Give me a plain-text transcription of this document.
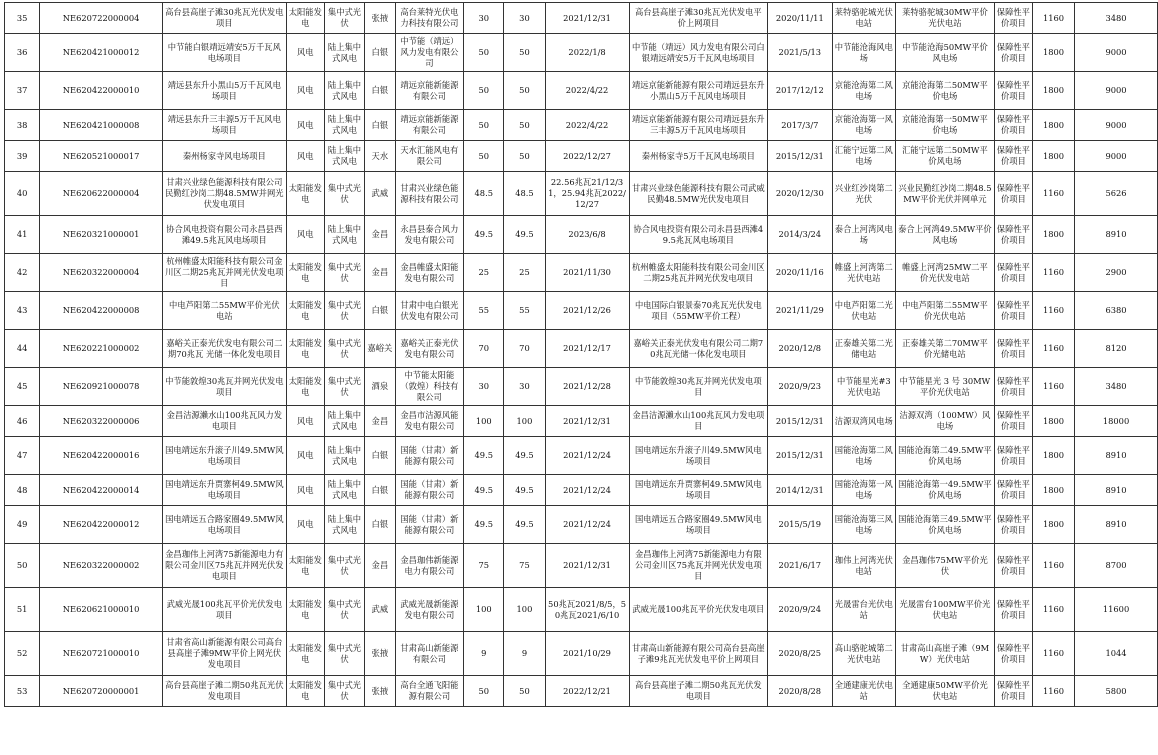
35	NE620722000004	高台县高崖子滩30兆瓦光伏发电项目	太阳能发电	集中式光伏	张掖	高台莱特光伏电力科技有限公司	30	30	2021/12/31	高台县高崖子滩30兆瓦光伏发电平价上网项目	2020/11/11	莱特骆驼城光伏电站	莱特骆驼城30MW平价光伏电站	保障性平价项目	1160	3480
36	NE620421000012	中节能白银靖远靖安5万千瓦风电场项目	风电	陆上集中式风电	白银	中节能（靖远）风力发电有限公司	50	50	2022/1/8	中节能（靖远）风力发电有限公司白银靖远靖安5万千瓦风电场项目	2021/5/13	中节能沧海风电场	中节能沧海50MW平价风电场	保障性平价项目	1800	9000
37	NE620422000010	靖远县东升小黑山5万千瓦风电场项目	风电	陆上集中式风电	白银	靖远京能新能源有限公司	50	50	2022/4/22	靖远京能新能源有限公司靖远县东升小黑山5万千瓦风电场项目	2017/12/12	京能沧海第二风电场	京能沧海第二50MW平价电场	保障性平价项目	1800	9000
38	NE620421000008	靖远县东升三丰源5万千瓦风电场项目	风电	陆上集中式风电	白银	靖远京能新能源有限公司	50	50	2022/4/22	靖远京能新能源有限公司靖远县东升三丰源5万千瓦风电场项目	2017/3/7	京能沧海第一风电场	京能沧海第一50MW平价电场	保障性平价项目	1800	9000
39	NE620521000017	秦州杨家寺风电场项目	风电	陆上集中式风电	天水	天水汇能风电有限公司	50	50	2022/12/27	秦州杨家寺5万千瓦风电场项目	2015/12/31	汇能宁远第二风电场	汇能宁远第二50MW平价风电场	保障性平价项目	1800	9000
40	NE620622000004	甘肃兴业绿色能源科技有限公司民勤红沙岗二期48.5MW并网光伏发电项目	太阳能发电	集中式光伏	武威	甘肃兴业绿色能源科技有限公司	48.5	48.5	22.56兆瓦21/12/31，25.94兆瓦2022/12/27	甘肃兴业绿色能源科技有限公司武威民勤48.5MW光伏发电项目	2020/12/30	兴业红沙岗第二光伏	兴业民勤红沙岗二期48.5MW平价光伏并网单元	保障性平价项目	1160	5626
41	NE620321000001	协合风电投资有限公司永昌县西滩49.5兆瓦风电场项目	风电	陆上集中式风电	金昌	永昌县泰合风力发电有限公司	49.5	49.5	2023/6/8	协合风电投资有限公司永昌县西滩49.5兆瓦风电场项目	2014/3/24	泰合上河湾风电场	泰合上河湾49.5MW平价风电场	保障性平价项目	1800	8910
42	NE620322000004	杭州帷盛太阳能科技有限公司金川区二期25兆瓦并网光伏发电项目	太阳能发电	集中式光伏	金昌	金昌帷盛太阳能发电有限公司	25	25	2021/11/30	杭州帷盛太阳能科技有限公司金川区二期25兆瓦并网光伏发电项目	2020/11/16	帷盛上河湾第二光伏电站	帷盛上河湾25MW二平价光伏发电站	保障性平价项目	1160	2900
43	NE620422000008	中电芦阳第二55MW平价光伏电站	太阳能发电	集中式光伏	白银	甘肃中电白银光伏发电有限公司	55	55	2021/12/26	中电国际白银景泰70兆瓦光伏发电项目（55MW平价工程）	2021/11/29	中电芦阳第二光伏电站	中电芦阳第二55MW平价光伏电站	保障性平价项目	1160	6380
44	NE620221000002	嘉峪关正泰光伏发电有限公司二期70兆瓦 光储一体化发电项目	太阳能发电	集中式光伏	嘉峪关	嘉峪关正泰光伏发电有限公司	70	70	2021/12/17	嘉峪关正泰光伏发电有限公司二期70兆瓦光储一体化发电项目	2020/12/8	正泰雄关第二光储电站	正泰雄关第二70MW平价光储电站	保障性平价项目	1160	8120
45	NE620921000078	中节能敦煌30兆瓦并网光伏发电项目	太阳能发电	集中式光伏	酒泉	中节能太阳能（敦煌）科技有限公司	30	30	2021/12/28	中节能敦煌30兆瓦并网光伏发电项目	2020/9/23	中节能星光#3光伏电站	中节能星光 3 号 30MW平价光伏电站	保障性平价项目	1160	3480
46	NE620322000006	金昌洁源瀨水山100兆瓦风力发电项目	风电	陆上集中式风电	金昌	金昌市洁源风能发电有限公司	100	100	2021/12/31	金昌洁源瀨水山100兆瓦风力发电项目	2015/12/31	洁源双湾风电场	洁源双湾（100MW）风电场	保障性平价项目	1800	18000
47	NE620422000016	国电靖远东升滚子川49.5MW风电场项目	风电	陆上集中式风电	白银	国能（甘肃）新能源有限公司	49.5	49.5	2021/12/24	国电靖远东升滚子川49.5MW风电场项目	2015/12/31	国能沧海第二风电场	国能沧海第二49.5MW平价风电场	保障性平价项目	1800	8910
48	NE620422000014	国电靖远东升贾寨柯49.5MW风电场项目	风电	陆上集中式风电	白银	国能（甘肃）新能源有限公司	49.5	49.5	2021/12/24	国电靖远东升贾寨柯49.5MW风电场项目	2014/12/31	国能沧海第一风电场	国能沧海第一49.5MW平价风电场	保障性平价项目	1800	8910
49	NE620422000012	国电靖远五合路家圈49.5MW风电场项目	风电	陆上集中式风电	白银	国能（甘肃）新能源有限公司	49.5	49.5	2021/12/24	国电靖远五合路家圈49.5MW风电场项目	2015/5/19	国能沧海第三风电场	国能沧海第三49.5MW平价风电场	保障性平价项目	1800	8910
50	NE620322000002	金昌珈伟上河湾75新能源电力有限公司金川区75兆瓦并网光伏发电项目	太阳能发电	集中式光伏	金昌	金昌珈伟新能源电力有限公司	75	75	2021/12/31	金昌珈伟上河湾75新能源电力有限公司金川区75兆瓦并网光伏发电项目	2021/6/17	珈伟上河湾光伏电站	金昌珈伟75MW平价光伏	保障性平价项目	1160	8700
51	NE620621000010	武威光晟100兆瓦平价光伏发电项目	太阳能发电	集中式光伏	武威	武威光晟新能源发电有限公司	100	100	50兆瓦2021/8/5，50兆瓦2021/6/10	武威光晟100兆瓦平价光伏发电项目	2020/9/24	光晟雷台光伏电站	光晟雷台100MW平价光伏电站	保障性平价项目	1160	11600
52	NE620721000010	甘肃省高山新能源有限公司高台县高崖子滩9MW平价上网光伏发电项目	太阳能发电	集中式光伏	张掖	甘肃高山新能源有限公司	9	9	2021/10/29	甘肃高山新能源有限公司高台县高崖子滩9兆瓦光伏发电平价上网项目	2020/8/25	高山骆驼城第二光伏电站	甘肃高山高崖子滩（9MW）光伏电站	保障性平价项目	1160	1044
53	NE620720000001	高台县高崖子滩二期50兆瓦光伏发电项目	太阳能发电	集中式光伏	张掖	高台全通飞阳能源有限公司	50	50	2022/12/21	高台县高崖子滩二期50兆瓦光伏发电项目	2020/8/28	全通建康光伏电站	全通建康50MW平价光伏电站	保障性平价项目	1160	5800
